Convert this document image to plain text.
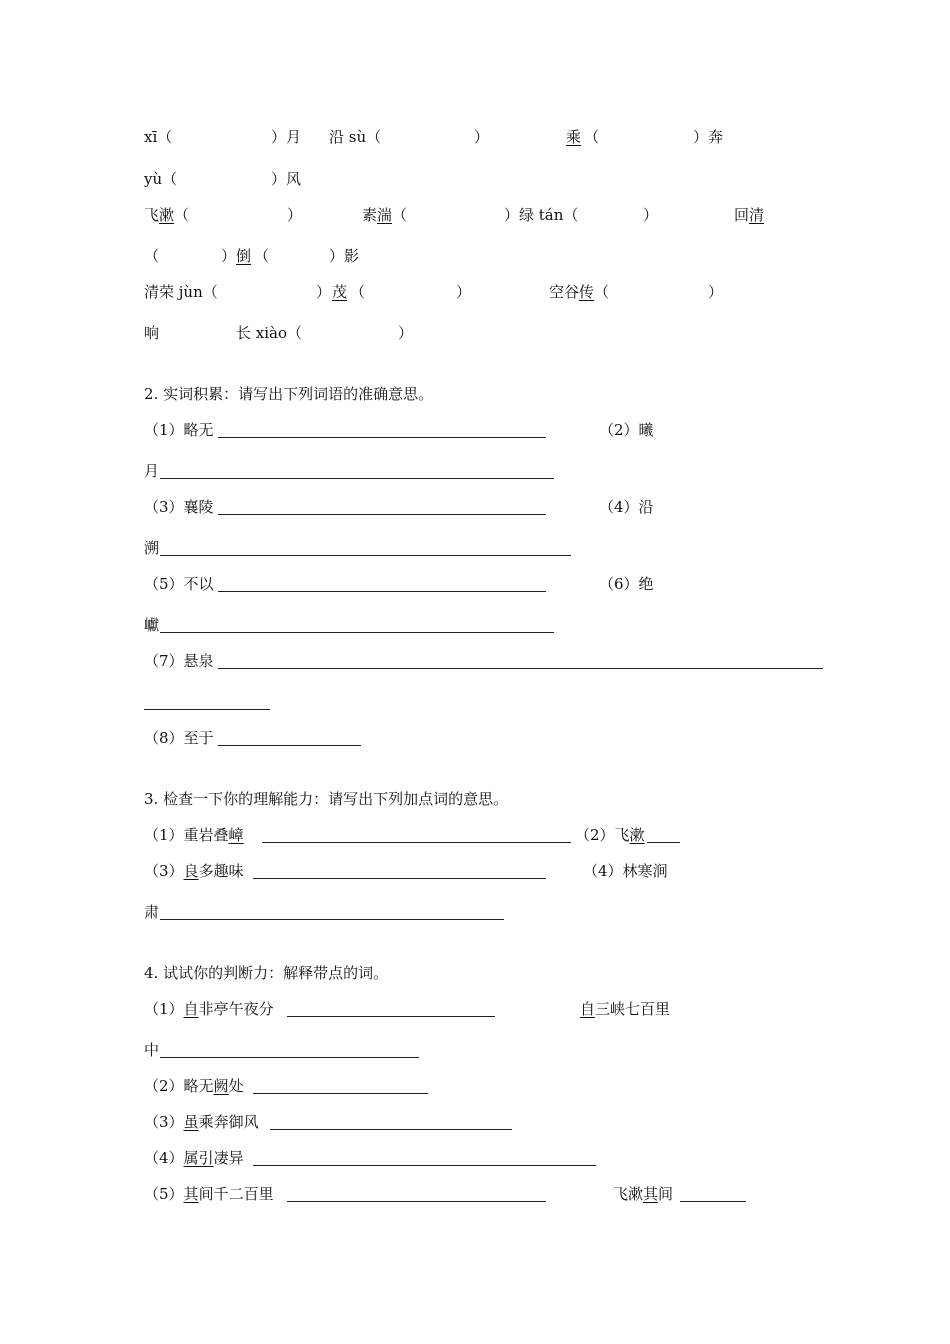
xī（	）月 沿 sù（	）	乘 （	）奔
yù（	）风
飞漱（	）	素湍（	）绿 tán（	）	回清
（	） 倒 （	）影
清荣 jùn（	） 茂 （	）	空谷传（	）
响	长 xiào（	）
2. 实词积累：请写出下列词语的准确意思。
（1）略无	（2）曦
月
（3）襄陵	（4）沿
溯
（5）不以	（6）绝
巘
（7）悬泉
（8）至于
3. 检查一下你的理解能力：请写出下列加点词的意思。
（1）重岩叠嶂	（2）飞漱
（3）良多趣味	（4）林寒涧
肃
4. 试试你的判断力：解释带点的词。
（1）自非亭午夜分	自三峡七百里
中
（2）略无阙处
（3）虽乘奔御风
（4）属引凄异
（5）其间千二百里	飞漱其间
